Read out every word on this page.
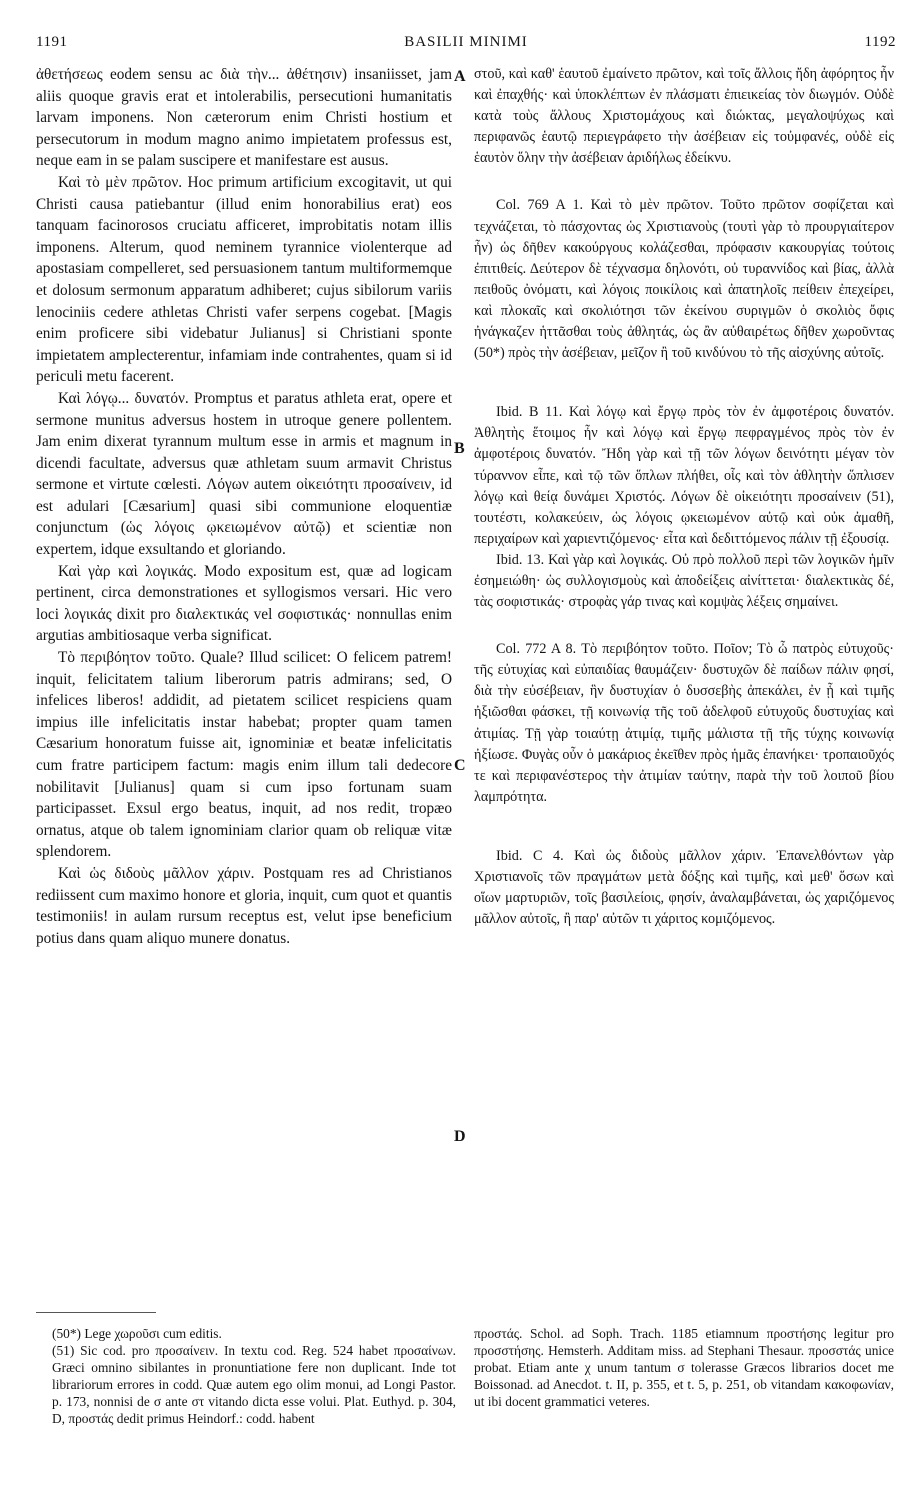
1191	BASILII MINIMI	1192
A
B
C
D

ἀθετήσεως eodem sensu ac διὰ τὴν... ἀθέτησιν) insaniisset, jam aliis quoque gravis erat et intolerabilis, persecutioni humanitatis larvam imponens. Non cæterorum enim Christi hostium et persecutorum in modum magno animo impietatem professus est, neque eam in se palam suscipere et manifestare est ausus.

Καὶ τὸ μὲν πρῶτον. Hoc primum artificium excogitavit, ut qui Christi causa patiebantur (illud enim honorabilius erat) eos tanquam facinorosos cruciatu afficeret, improbitatis notam illis imponens. Alterum, quod neminem tyrannice violenterque ad apostasiam compelleret, sed persuasionem tantum multiformemque et dolosum sermonum apparatum adhiberet; cujus sibilorum variis lenociniis cedere athletas Christi vafer serpens cogebat. [Magis enim proficere sibi videbatur Julianus] si Christiani sponte impietatem amplecterentur, infamiam inde contrahentes, quam si id periculi metu facerent.

Καὶ λόγῳ... δυνατόν. Promptus et paratus athleta erat, opere et sermone munitus adversus hostem in utroque genere pollentem. Jam enim dixerat tyrannum multum esse in armis et magnum in dicendi facultate, adversus quæ athletam suum armavit Christus sermone et virtute cœlesti. Λόγων autem οἰκειότητι προσαίνειν, id est adulari [Cæsarium] quasi sibi communione eloquentiæ conjunctum (ὡς λόγοις ῳκειωμένον αὐτῷ) et scientiæ non expertem, idque exsultando et gloriando.

Καὶ γὰρ καὶ λογικάς. Modo expositum est, quæ ad logicam pertinent, circa demonstrationes et syllogismos versari. Hic vero loci λογικάς dixit pro διαλεκτικάς vel σοφιστικάς· nonnullas enim argutias ambitiosaque verba significat.

Τὸ περιβόητον τοῦτο. Quale? Illud scilicet: O felicem patrem! inquit, felicitatem talium liberorum patris admirans; sed, O infelices liberos! addidit, ad pietatem scilicet respiciens quam impius ille infelicitatis instar habebat; propter quam tamen Cæsarium honoratum fuisse ait, ignominiæ et beatæ infelicitatis cum fratre participem factum: magis enim illum tali dedecore nobilitavit [Julianus] quam si cum ipso fortunam suam participasset. Exsul ergo beatus, inquit, ad nos redit, tropæo ornatus, atque ob talem ignominiam clarior quam ob reliquæ vitæ splendorem.

Καὶ ὡς διδοὺς μᾶλλον χάριν. Postquam res ad Christianos rediissent cum maximo honore et gloria, inquit, cum quot et quantis testimoniis! in aulam rursum receptus est, velut ipse beneficium potius dans quam aliquo munere donatus.

στοῦ, καὶ καθ' ἑαυτοῦ ἐμαίνετο πρῶτον, καὶ τοῖς ἄλλοις ἤδη ἀφόρητος ἦν καὶ ἐπαχθής· καὶ ὑποκλέπτων ἐν πλάσματι ἐπιεικείας τὸν διωγμόν. Οὐδὲ κατὰ τοὺς ἄλλους Χριστομάχους καὶ διώκτας, μεγαλοψύχως καὶ περιφανῶς ἑαυτῷ περιεγράφετο τὴν ἀσέβειαν εἰς τοὐμφανές, οὐδὲ εἰς ἑαυτὸν ὅλην τὴν ἀσέβειαν ἀριδήλως ἐδείκνυ.

Col. 769 A 1. Καὶ τὸ μὲν πρῶτον. Τοῦτο πρῶτον σοφίζεται καὶ τεχνάζεται, τὸ πάσχοντας ὡς Χριστιανοὺς (τουτὶ γὰρ τὸ προυργιαίτερον ἦν) ὡς δῆθεν κακούργους κολάζεσθαι, πρόφασιν κακουργίας τούτοις ἐπιτιθείς. Δεύτερον δὲ τέχνασμα δηλονότι, οὐ τυραννίδος καὶ βίας, ἀλλὰ πειθοῦς ὀνόματι, καὶ λόγοις ποικίλοις καὶ ἀπατηλοῖς πείθειν ἐπεχείρει, καὶ πλοκαῖς καὶ σκολιότησι τῶν ἐκείνου συριγμῶν ὁ σκολιὸς ὄφις ἠνάγκαζεν ἡττᾶσθαι τοὺς ἀθλητάς, ὡς ἂν αὐθαιρέτως δῆθεν χωροῦντας (50*) πρὸς τὴν ἀσέβειαν, μεῖζον ἢ τοῦ κινδύνου τὸ τῆς αἰσχύνης αὐτοῖς.

Ibid. B 11. Καὶ λόγῳ καὶ ἔργῳ πρὸς τὸν ἐν ἀμφοτέροις δυνατόν. Ἀθλητὴς ἕτοιμος ἦν καὶ λόγῳ καὶ ἔργῳ πεφραγμένος πρὸς τὸν ἐν ἀμφοτέροις δυνατόν. Ἤδη γὰρ καὶ τῇ τῶν λόγων δεινότητι μέγαν τὸν τύραννον εἶπε, καὶ τῷ τῶν ὅπλων πλήθει, οἷς καὶ τὸν ἀθλητὴν ὥπλισεν λόγῳ καὶ θείᾳ δυνάμει Χριστός. Λόγων δὲ οἰκειότητι προσαίνειν (51), τουτέστι, κολακεύειν, ὡς λόγοις ῳκειωμένον αὐτῷ καὶ οὐκ ἀμαθῆ, περιχαίρων καὶ χαριεντιζόμενος· εἶτα καὶ δεδιττόμενος πάλιν τῇ ἐξουσίᾳ.

Ibid. 13. Καὶ γὰρ καὶ λογικάς. Οὐ πρὸ πολλοῦ περὶ τῶν λογικῶν ἡμῖν ἐσημειώθη· ὡς συλλογισμοὺς καὶ ἀποδείξεις αἰνίττεται· διαλεκτικὰς δέ, τὰς σοφιστικάς· στροφὰς γάρ τινας καὶ κομψὰς λέξεις σημαίνει.

Col. 772 A 8. Τὸ περιβόητον τοῦτο. Ποῖον; Τὸ ὦ πατρὸς εὐτυχοῦς· τῆς εὐτυχίας καὶ εὐπαιδίας θαυμάζειν· δυστυχῶν δὲ παίδων πάλιν φησί, διὰ τὴν εὐσέβειαν, ἣν δυστυχίαν ὁ δυσσεβὴς ἀπεκάλει, ἐν ᾗ καὶ τιμῆς ἠξιῶσθαι φάσκει, τῇ κοινωνίᾳ τῆς τοῦ ἀδελφοῦ εὐτυχοῦς δυστυχίας καὶ ἀτιμίας. Τῇ γὰρ τοιαύτῃ ἀτιμίᾳ, τιμῆς μάλιστα τῇ τῆς τύχης κοινωνίᾳ ἠξίωσε. Φυγὰς οὖν ὁ μακάριος ἐκεῖθεν πρὸς ἡμᾶς ἐπανήκει· τροπαιοῦχός τε καὶ περιφανέστερος τὴν ἀτιμίαν ταύτην, παρὰ τὴν τοῦ λοιποῦ βίου λαμπρότητα.

Ibid. C 4. Καὶ ὡς διδοὺς μᾶλλον χάριν. Ἐπανελθόντων γὰρ Χριστιανοῖς τῶν πραγμάτων μετὰ δόξης καὶ τιμῆς, καὶ μεθ' ὅσων καὶ οἵων μαρτυριῶν, τοῖς βασιλείοις, φησίν, ἀναλαμβάνεται, ὡς χαριζόμενος μᾶλλον αὐτοῖς, ἢ παρ' αὐτῶν τι χάριτος κομιζόμενος.

(50*) Lege χωροῦσι cum editis.

(51) Sic cod. pro προσαίνειν. In textu cod. Reg. 524 habet προσαίνων. Græci omnino sibilantes in pronuntiatione fere non duplicant. Inde tot librariorum errores in codd. Quæ autem ego olim monui, ad Longi Pastor. p. 173, nonnisi de σ ante στ vitando dicta esse volui. Plat. Euthyd. p. 304, D, προστάς dedit primus Heindorf.: codd. habent

προστάς. Schol. ad Soph. Trach. 1185 etiamnum προστήσης legitur pro προσστήσης. Hemsterh. Additam miss. ad Stephani Thesaur. προσστάς unice probat. Etiam ante χ unum tantum σ tolerasse Græcos librarios docet me Boissonad. ad Anecdot. t. II, p. 355, et t. 5, p. 251, ob vitandam κακοφωνίαν, ut ibi docent grammatici veteres.
